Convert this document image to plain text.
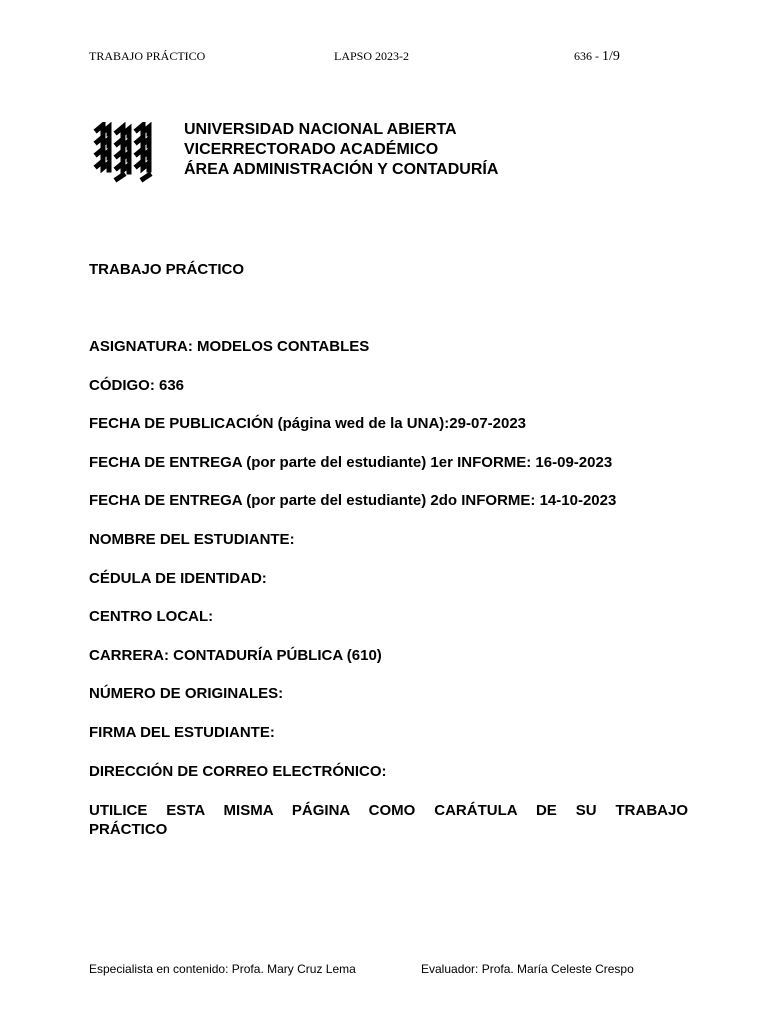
TRABAJO PRÁCTICO	LAPSO 2023-2	636 - 1/9
UNIVERSIDAD NACIONAL ABIERTA
VICERRECTORADO ACADÉMICO
ÁREA ADMINISTRACIÓN Y CONTADURÍA
TRABAJO PRÁCTICO
ASIGNATURA: MODELOS CONTABLES
CÓDIGO: 636
FECHA DE PUBLICACIÓN (página wed de la UNA):29-07-2023
FECHA DE ENTREGA (por parte del estudiante) 1er INFORME: 16-09-2023
FECHA DE ENTREGA (por parte del estudiante) 2do INFORME: 14-10-2023
NOMBRE DEL ESTUDIANTE:
CÉDULA DE IDENTIDAD:
CENTRO LOCAL:
CARRERA: CONTADURÍA PÚBLICA (610)
NÚMERO DE ORIGINALES:
FIRMA DEL ESTUDIANTE:
DIRECCIÓN DE CORREO ELECTRÓNICO:
UTILICE ESTA MISMA PÁGINA COMO CARÁTULA DE SU TRABAJO PRÁCTICO
Especialista en contenido: Profa. Mary Cruz Lema	Evaluador: Profa. María Celeste Crespo
